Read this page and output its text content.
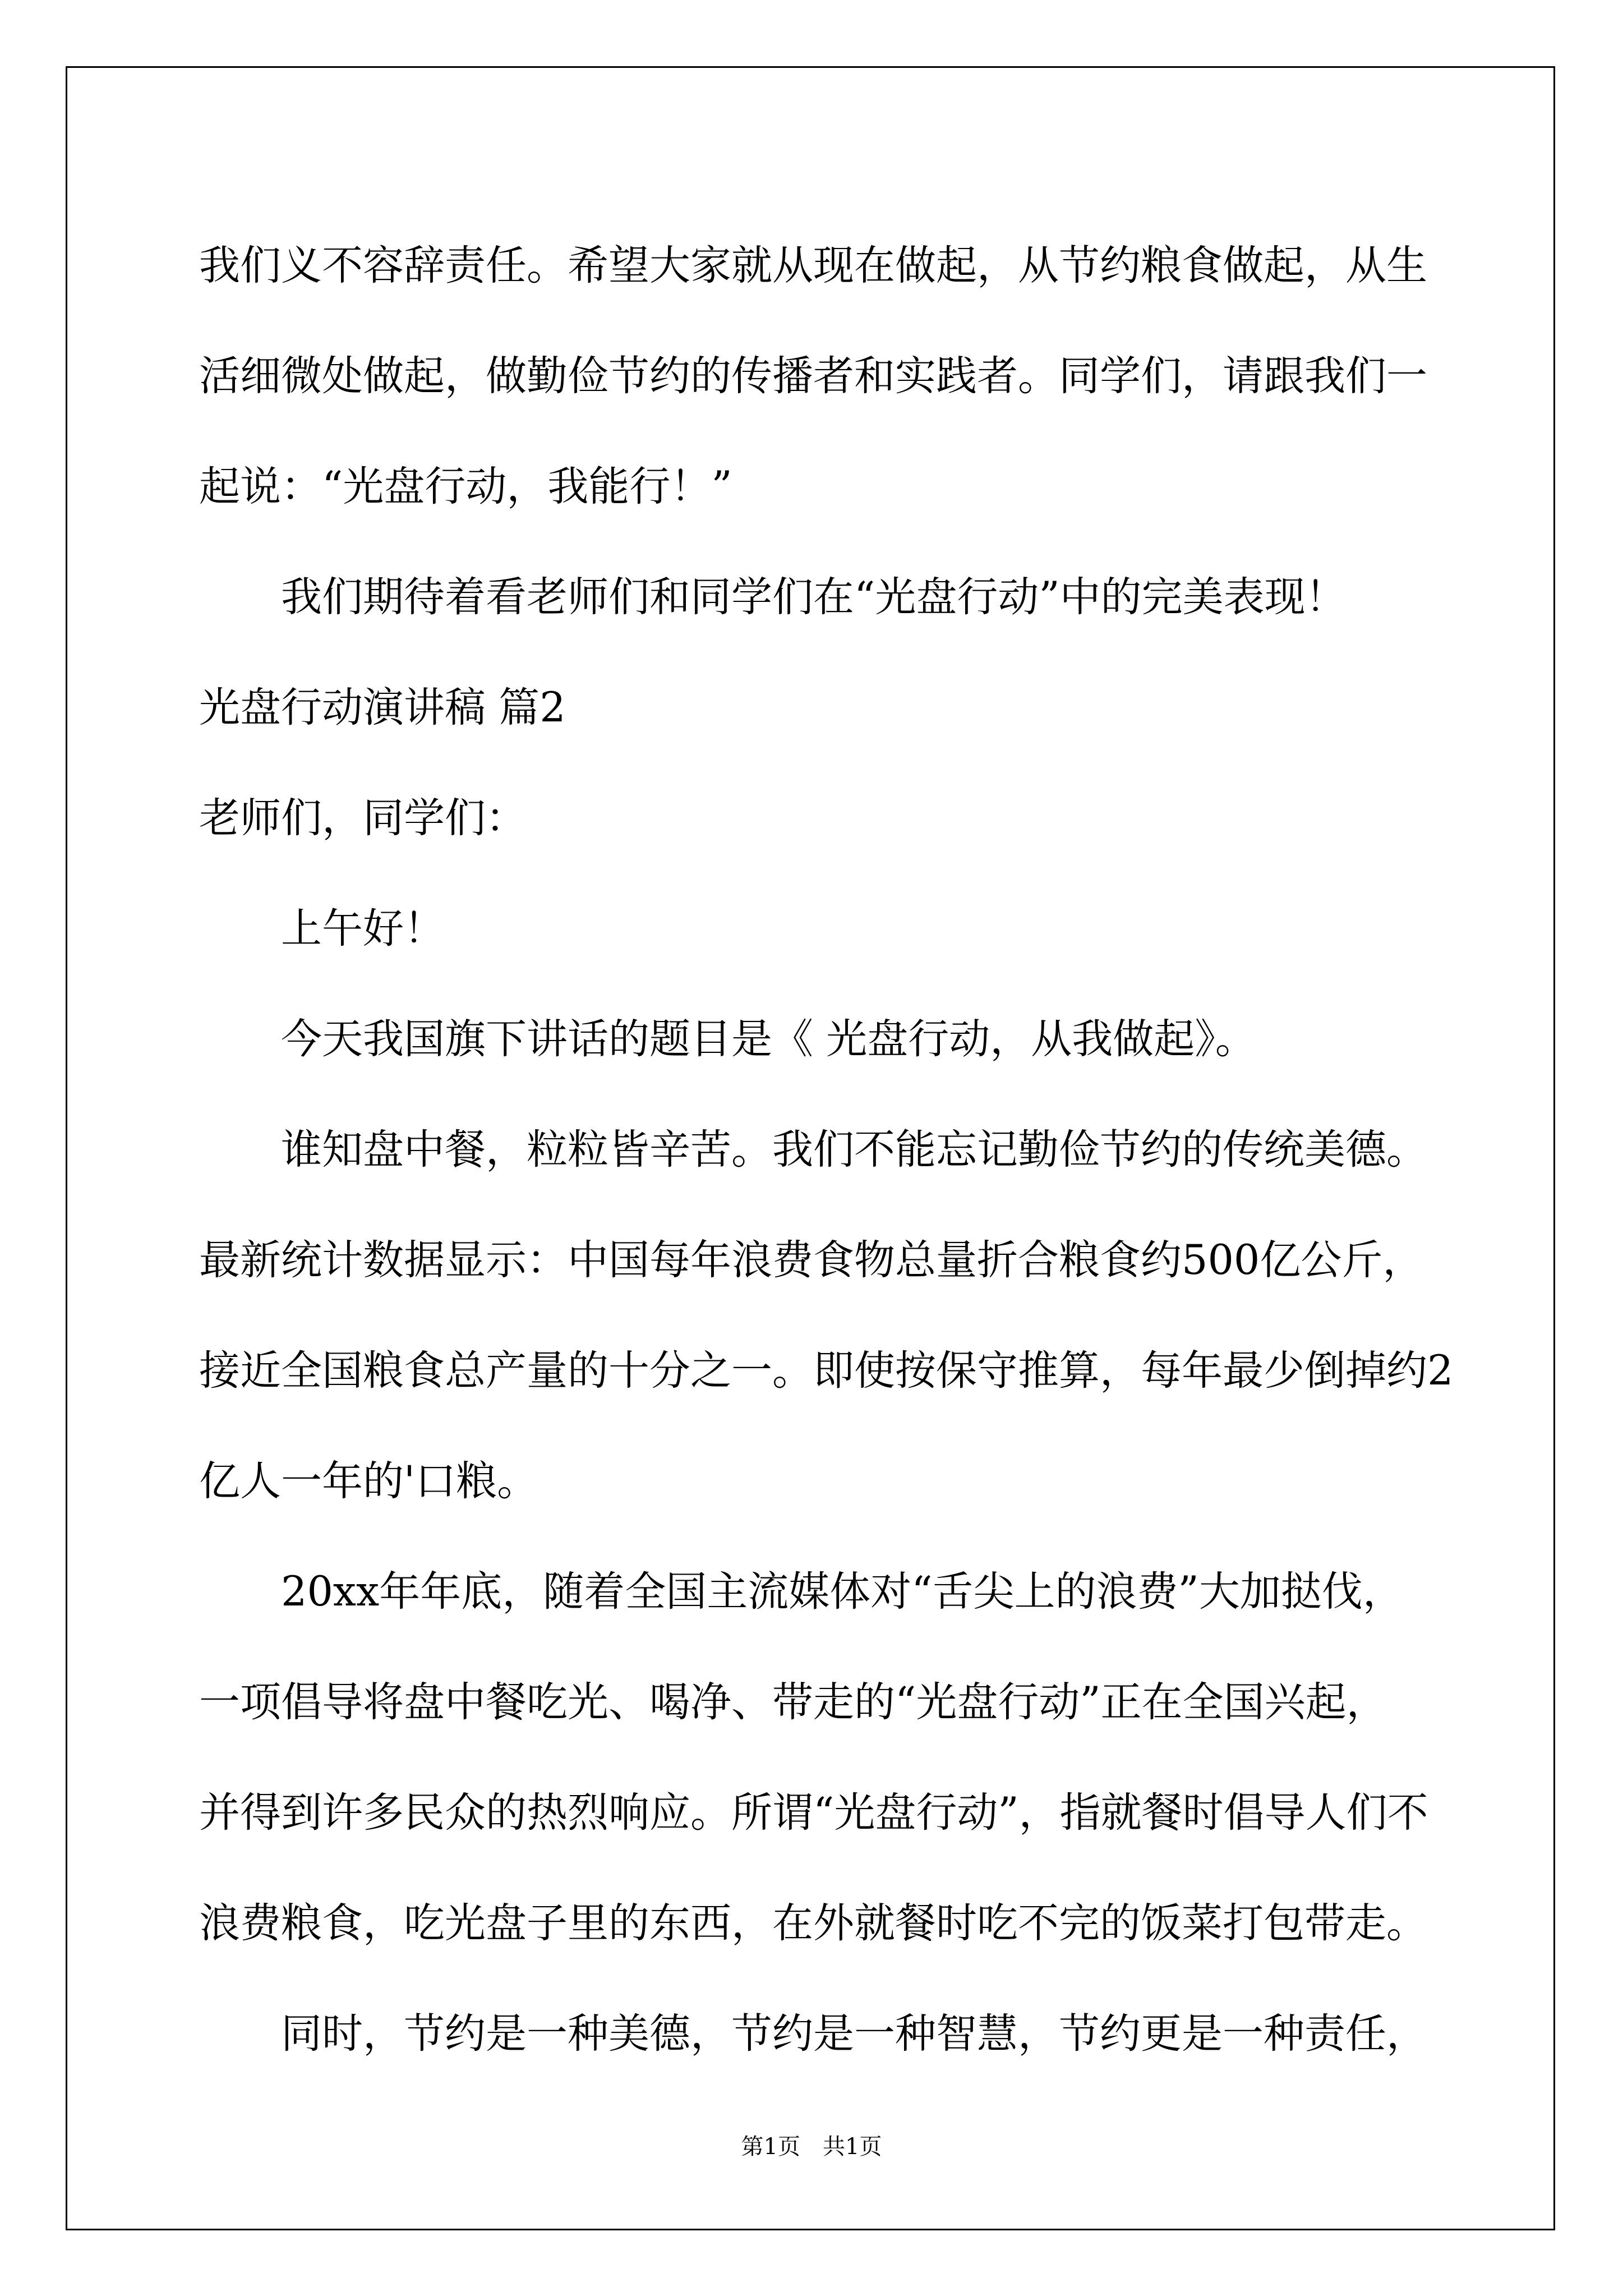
我们义不容辞责任。希望大家就从现在做起，从节约粮食做起，从生
活细微处做起，做勤俭节约的传播者和实践者。同学们，请跟我们一
起说：“光盘行动，我能行！”
我们期待着看老师们和同学们在“光盘行动”中的完美表现！
光盘行动演讲稿 篇2
老师们，同学们：
上午好！
今天我国旗下讲话的题目是《 光盘行动，从我做起》。
谁知盘中餐，粒粒皆辛苦。我们不能忘记勤俭节约的传统美德。
最新统计数据显示：中国每年浪费食物总量折合粮食约500亿公斤，
接近全国粮食总产量的十分之一。即使按保守推算，每年最少倒掉约2
亿人一年的'口粮。
20xx年年底，随着全国主流媒体对“舌尖上的浪费”大加挞伐，
一项倡导将盘中餐吃光、喝净、带走的“光盘行动”正在全国兴起，
并得到许多民众的热烈响应。所谓“光盘行动”，指就餐时倡导人们不
浪费粮食，吃光盘子里的东西，在外就餐时吃不完的饭菜打包带走。
同时，节约是一种美德，节约是一种智慧，节约更是一种责任，
第1页　共1页
